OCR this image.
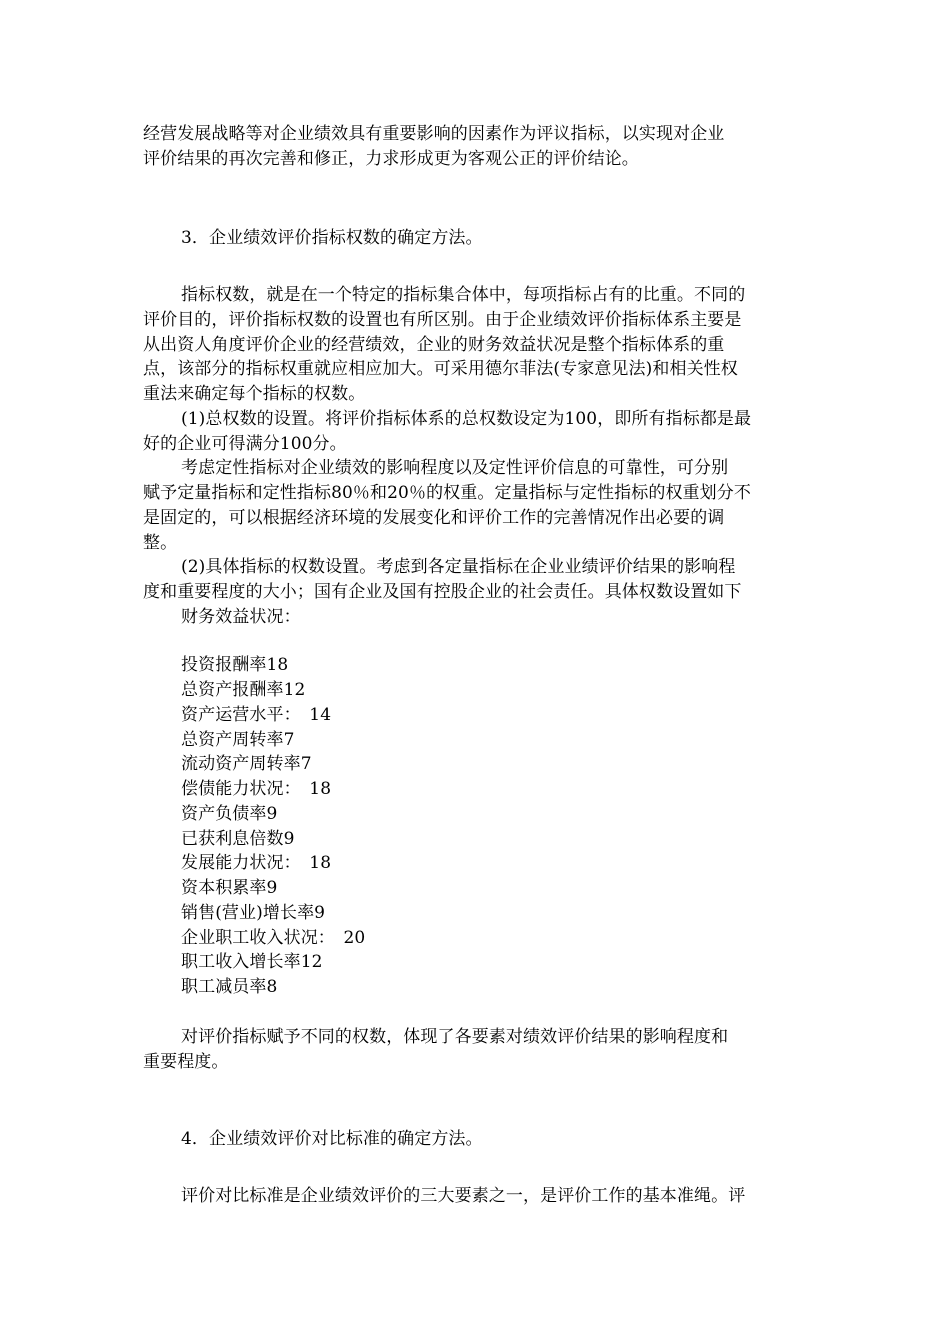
经营发展战略等对企业绩效具有重要影响的因素作为评议指标，以实现对企业
评价结果的再次完善和修正，力求形成更为客观公正的评价结论。
3．企业绩效评价指标权数的确定方法。
指标权数，就是在一个特定的指标集合体中，每项指标占有的比重。不同的
评价目的，评价指标权数的设置也有所区别。由于企业绩效评价指标体系主要是
从出资人角度评价企业的经营绩效，企业的财务效益状况是整个指标体系的重
点，该部分的指标权重就应相应加大。可采用德尔菲法(专家意见法)和相关性权
重法来确定每个指标的权数。
(1)总权数的设置。将评价指标体系的总权数设定为100，即所有指标都是最
好的企业可得满分100分。
考虑定性指标对企业绩效的影响程度以及定性评价信息的可靠性，可分别
赋予定量指标和定性指标80％和20％的权重。定量指标与定性指标的权重划分不
是固定的，可以根据经济环境的发展变化和评价工作的完善情况作出必要的调
整。
(2)具体指标的权数设置。考虑到各定量指标在企业业绩评价结果的影响程
度和重要程度的大小；国有企业及国有控股企业的社会责任。具体权数设置如下
财务效益状况：
投资报酬率18
总资产报酬率12
资产运营水平：　14
总资产周转率7
流动资产周转率7
偿债能力状况：　18
资产负债率9
已获利息倍数9
发展能力状况：　18
资本积累率9
销售(营业)增长率9
企业职工收入状况：　20
职工收入增长率12
职工减员率8
对评价指标赋予不同的权数，体现了各要素对绩效评价结果的影响程度和
重要程度。
4．企业绩效评价对比标准的确定方法。
评价对比标准是企业绩效评价的三大要素之一，是评价工作的基本准绳。评
